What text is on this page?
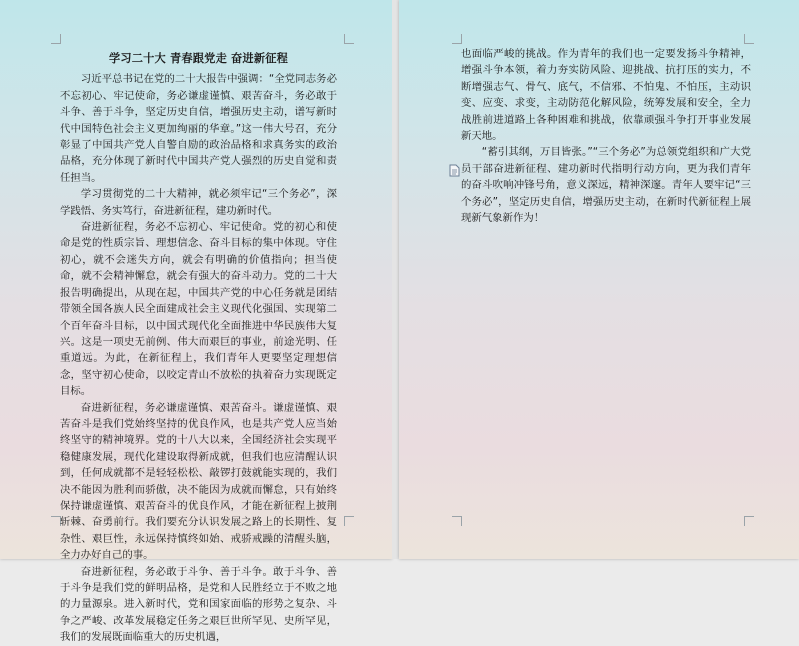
学习二十大 青春跟党走 奋进新征程

习近平总书记在党的二十大报告中强调：“全党同志务必不忘初心、牢记使命，务必谦虚谨慎、艰苦奋斗，务必敢于斗争、善于斗争，坚定历史自信，增强历史主动，谱写新时代中国特色社会主义更加绚丽的华章。”这一伟大号召，充分彰显了中国共产党人自警自励的政治品格和求真务实的政治品格，充分体现了新时代中国共产党人强烈的历史自觉和责任担当。

学习贯彻党的二十大精神，就必须牢记“三个务必”，深学践悟、务实笃行，奋进新征程，建功新时代。

奋进新征程，务必不忘初心、牢记使命。党的初心和使命是党的性质宗旨、理想信念、奋斗目标的集中体现。守住初心，就不会迷失方向，就会有明确的价值指向；担当使命，就不会精神懈怠，就会有强大的奋斗动力。党的二十大报告明确提出，从现在起，中国共产党的中心任务就是团结带领全国各族人民全面建成社会主义现代化强国、实现第二个百年奋斗目标，以中国式现代化全面推进中华民族伟大复兴。这是一项史无前例、伟大而艰巨的事业，前途光明、任重道远。为此，在新征程上，我们青年人更要坚定理想信念，坚守初心使命，以咬定青山不放松的执着奋力实现既定目标。

奋进新征程，务必谦虚谨慎、艰苦奋斗。谦虚谨慎、艰苦奋斗是我们党始终坚持的优良作风，也是共产党人应当始终坚守的精神境界。党的十八大以来，全国经济社会实现平稳健康发展，现代化建设取得新成就，但我们也应清醒认识到，任何成就都不是轻轻松松、敲锣打鼓就能实现的，我们决不能因为胜利而骄傲，决不能因为成就而懈怠，只有始终保持谦虚谨慎、艰苦奋斗的优良作风，才能在新征程上披荆斩棘、奋勇前行。我们要充分认识发展之路上的长期性、复杂性、艰巨性，永远保持慎终如始、戒骄戒躁的清醒头脑，全力办好自己的事。

奋进新征程，务必敢于斗争、善于斗争。敢于斗争、善于斗争是我们党的鲜明品格，是党和人民胜经立于不败之地的力量源泉。进入新时代，党和国家面临的形势之复杂、斗争之严峻、改革发展稳定任务之艰巨世所罕见、史所罕见，我们的发展既面临重大的历史机遇，

也面临严峻的挑战。作为青年的我们也一定要发扬斗争精神，增强斗争本领，着力夯实防风险、迎挑战、抗打压的实力，不断增强志气、骨气、底气，不信邪、不怕鬼、不怕压，主动识变、应变、求变，主动防范化解风险，统筹发展和安全，全力战胜前进道路上各种困难和挑战，依靠顽强斗争打开事业发展新天地。

“蓄引其纲，万目皆张。”“三个务必”为总领党组织和广大党员干部奋进新征程、建功新时代指明行动方向，更为我们青年的奋斗吹响冲锋号角，意义深远，精神深邃。青年人要牢记“三个务必”，坚定历史自信，增强历史主动，在新时代新征程上展现新气象新作为！
